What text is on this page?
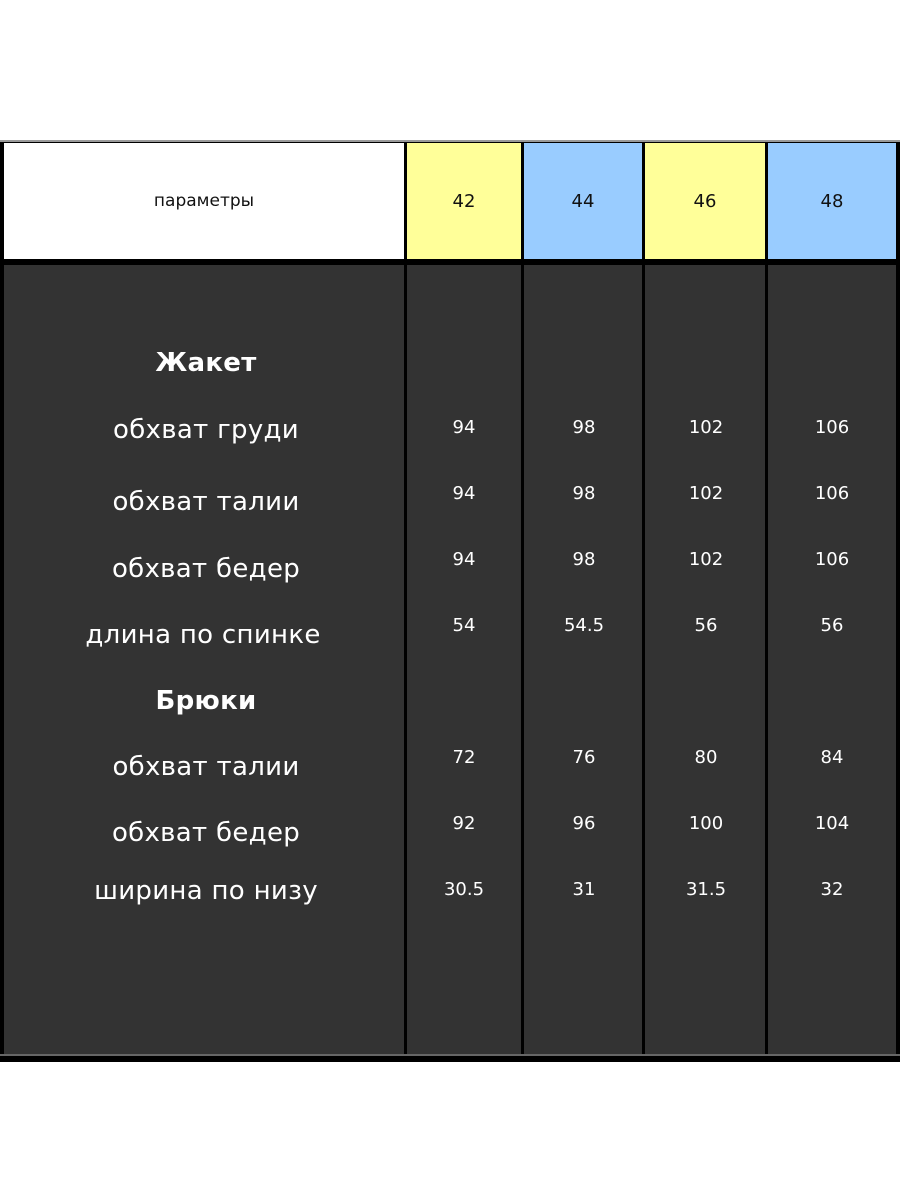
параметры	42	44	46	48
Жакет
обхват груди	94	98	102	106
обхват талии	94	98	102	106
обхват бедер	94	98	102	106
длина по спинке	54	54.5	56	56
Брюки
обхват талии	72	76	80	84
обхват бедер	92	96	100	104
ширина по низу	30.5	31	31.5	32
